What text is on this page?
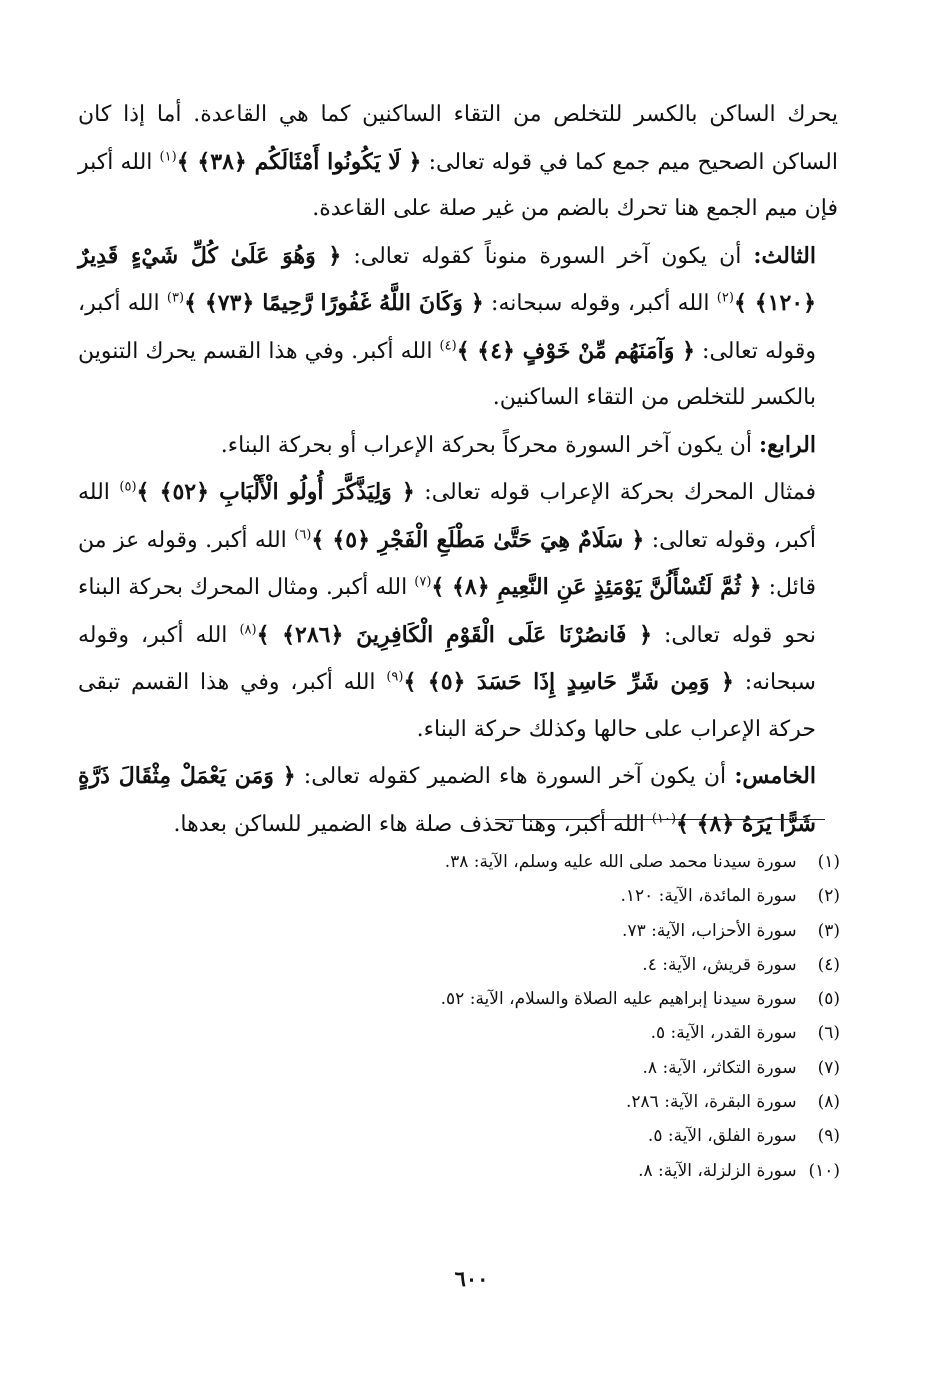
يحرك الساكن بالكسر للتخلص من التقاء الساكنين كما هي القاعدة. أما إذا كان الساكن الصحيح ميم جمع كما في قوله تعالى: ﴿ لَا يَكُونُوا أَمْثَالَكُم ﴿٣٨﴾ ﴾$^{(١)}$ الله أكبر فإن ميم الجمع هنا تحرك بالضم من غير صلة على القاعدة.

الثالث: أن يكون آخر السورة منوناً كقوله تعالى: ﴿ وَهُوَ عَلَىٰ كُلِّ شَيْءٍ قَدِيرٌ ﴿١٢٠﴾ ﴾$^{(٢)}$ الله أكبر، وقوله سبحانه: ﴿ وَكَانَ اللَّهُ غَفُورًا رَّحِيمًا ﴿٧٣﴾ ﴾$^{(٣)}$ الله أكبر، وقوله تعالى: ﴿ وَآمَنَهُم مِّنْ خَوْفٍ ﴿٤﴾ ﴾$^{(٤)}$ الله أكبر. وفي هذا القسم يحرك التنوين بالكسر للتخلص من التقاء الساكنين.

الرابع: أن يكون آخر السورة محركاً بحركة الإعراب أو بحركة البناء.

فمثال المحرك بحركة الإعراب قوله تعالى: ﴿ وَلِيَذَّكَّرَ أُولُو الْأَلْبَابِ ﴿٥٢﴾ ﴾$^{(٥)}$ الله أكبر، وقوله تعالى: ﴿ سَلَامٌ هِيَ حَتَّىٰ مَطْلَعِ الْفَجْرِ ﴿٥﴾ ﴾$^{(٦)}$ الله أكبر. وقوله عز من قائل: ﴿ ثُمَّ لَتُسْأَلُنَّ يَوْمَئِذٍ عَنِ النَّعِيمِ ﴿٨﴾ ﴾$^{(٧)}$ الله أكبر. ومثال المحرك بحركة البناء نحو قوله تعالى: ﴿ فَانصُرْنَا عَلَى الْقَوْمِ الْكَافِرِينَ ﴿٢٨٦﴾ ﴾$^{(٨)}$ الله أكبر، وقوله سبحانه: ﴿ وَمِن شَرِّ حَاسِدٍ إِذَا حَسَدَ ﴿٥﴾ ﴾$^{(٩)}$ الله أكبر، وفي هذا القسم تبقى حركة الإعراب على حالها وكذلك حركة البناء.

الخامس: أن يكون آخر السورة هاء الضمير كقوله تعالى: ﴿ وَمَن يَعْمَلْ مِثْقَالَ ذَرَّةٍ شَرًّا يَرَهُ ﴿٨﴾ ﴾$^{(١٠)}$ الله أكبر، وهنا تحذف صلة هاء الضمير للساكن بعدها.

(١) سورة سيدنا محمد صلى الله عليه وسلم، الآية: ٣٨.
(٢) سورة المائدة، الآية: ١٢٠.
(٣) سورة الأحزاب، الآية: ٧٣.
(٤) سورة قريش، الآية: ٤.
(٥) سورة سيدنا إبراهيم عليه الصلاة والسلام، الآية: ٥٢.
(٦) سورة القدر، الآية: ٥.
(٧) سورة التكاثر، الآية: ٨.
(٨) سورة البقرة، الآية: ٢٨٦.
(٩) سورة الفلق، الآية: ٥.
(١٠) سورة الزلزلة، الآية: ٨.
٦٠٠
